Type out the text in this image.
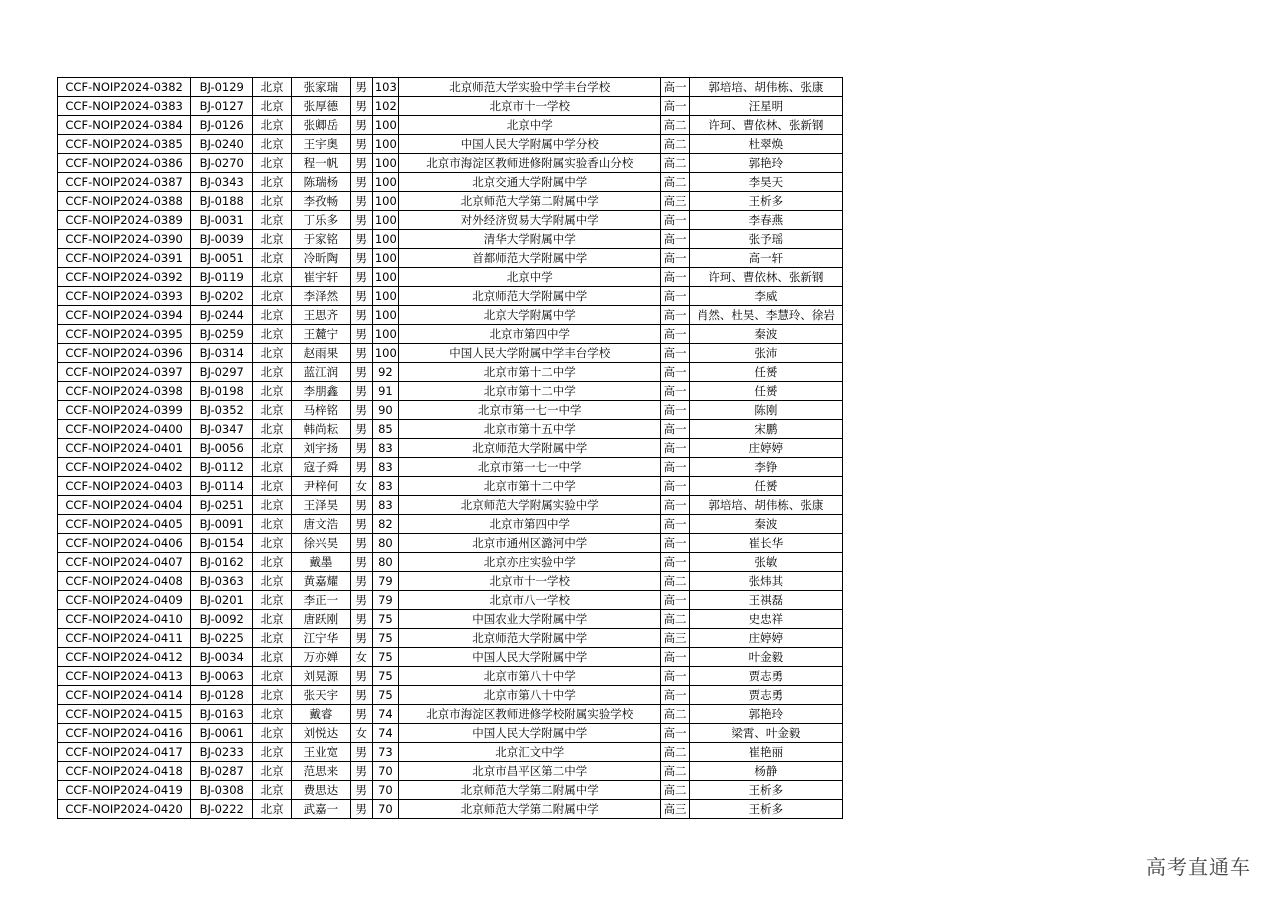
CCF-NOIP2024-0382	BJ-0129	北京	张家瑞	男	103	北京师范大学实验中学丰台学校	高一	郭培培、胡伟栋、张康
CCF-NOIP2024-0383	BJ-0127	北京	张厚德	男	102	北京市十一学校	高一	汪星明
CCF-NOIP2024-0384	BJ-0126	北京	张卿岳	男	100	北京中学	高二	许珂、曹依林、张新钢
CCF-NOIP2024-0385	BJ-0240	北京	王宇奥	男	100	中国人民大学附属中学分校	高二	杜翠焕
CCF-NOIP2024-0386	BJ-0270	北京	程一帆	男	100	北京市海淀区教师进修附属实验香山分校	高二	郭艳玲
CCF-NOIP2024-0387	BJ-0343	北京	陈瑞杨	男	100	北京交通大学附属中学	高二	李昊天
CCF-NOIP2024-0388	BJ-0188	北京	李孜畅	男	100	北京师范大学第二附属中学	高三	王析多
CCF-NOIP2024-0389	BJ-0031	北京	丁乐多	男	100	对外经济贸易大学附属中学	高一	李春燕
CCF-NOIP2024-0390	BJ-0039	北京	于家铭	男	100	清华大学附属中学	高一	张予瑶
CCF-NOIP2024-0391	BJ-0051	北京	冷昕陶	男	100	首都师范大学附属中学	高一	高一轩
CCF-NOIP2024-0392	BJ-0119	北京	崔宇轩	男	100	北京中学	高一	许珂、曹依林、张新钢
CCF-NOIP2024-0393	BJ-0202	北京	李泽然	男	100	北京师范大学附属中学	高一	李威
CCF-NOIP2024-0394	BJ-0244	北京	王思齐	男	100	北京大学附属中学	高一	肖然、杜昊、李慧玲、徐岩
CCF-NOIP2024-0395	BJ-0259	北京	王麓宁	男	100	北京市第四中学	高一	秦波
CCF-NOIP2024-0396	BJ-0314	北京	赵雨果	男	100	中国人民大学附属中学丰台学校	高一	张沛
CCF-NOIP2024-0397	BJ-0297	北京	蓝江润	男	92	北京市第十二中学	高一	任赟
CCF-NOIP2024-0398	BJ-0198	北京	李朋鑫	男	91	北京市第十二中学	高一	任赟
CCF-NOIP2024-0399	BJ-0352	北京	马梓铭	男	90	北京市第一七一中学	高一	陈刚
CCF-NOIP2024-0400	BJ-0347	北京	韩尚耘	男	85	北京市第十五中学	高一	宋鹏
CCF-NOIP2024-0401	BJ-0056	北京	刘宇扬	男	83	北京师范大学附属中学	高一	庄婷婷
CCF-NOIP2024-0402	BJ-0112	北京	寇子舜	男	83	北京市第一七一中学	高一	李铮
CCF-NOIP2024-0403	BJ-0114	北京	尹梓何	女	83	北京市第十二中学	高一	任赟
CCF-NOIP2024-0404	BJ-0251	北京	王泽昊	男	83	北京师范大学附属实验中学	高一	郭培培、胡伟栋、张康
CCF-NOIP2024-0405	BJ-0091	北京	唐文浩	男	82	北京市第四中学	高一	秦波
CCF-NOIP2024-0406	BJ-0154	北京	徐兴昊	男	80	北京市通州区潞河中学	高一	崔长华
CCF-NOIP2024-0407	BJ-0162	北京	戴墨	男	80	北京亦庄实验中学	高一	张敏
CCF-NOIP2024-0408	BJ-0363	北京	黄嘉耀	男	79	北京市十一学校	高二	张炜其
CCF-NOIP2024-0409	BJ-0201	北京	李正一	男	79	北京市八一学校	高一	王祺磊
CCF-NOIP2024-0410	BJ-0092	北京	唐跃刚	男	75	中国农业大学附属中学	高二	史忠祥
CCF-NOIP2024-0411	BJ-0225	北京	江宁华	男	75	北京师范大学附属中学	高三	庄婷婷
CCF-NOIP2024-0412	BJ-0034	北京	万亦婵	女	75	中国人民大学附属中学	高一	叶金毅
CCF-NOIP2024-0413	BJ-0063	北京	刘晃源	男	75	北京市第八十中学	高一	贾志勇
CCF-NOIP2024-0414	BJ-0128	北京	张天宇	男	75	北京市第八十中学	高一	贾志勇
CCF-NOIP2024-0415	BJ-0163	北京	戴睿	男	74	北京市海淀区教师进修学校附属实验学校	高二	郭艳玲
CCF-NOIP2024-0416	BJ-0061	北京	刘悦达	女	74	中国人民大学附属中学	高一	梁霄、叶金毅
CCF-NOIP2024-0417	BJ-0233	北京	王业宽	男	73	北京汇文中学	高二	崔艳丽
CCF-NOIP2024-0418	BJ-0287	北京	范思来	男	70	北京市昌平区第二中学	高二	杨静
CCF-NOIP2024-0419	BJ-0308	北京	费思达	男	70	北京师范大学第二附属中学	高二	王析多
CCF-NOIP2024-0420	BJ-0222	北京	武嘉一	男	70	北京师范大学第二附属中学	高三	王析多
高考直通车
